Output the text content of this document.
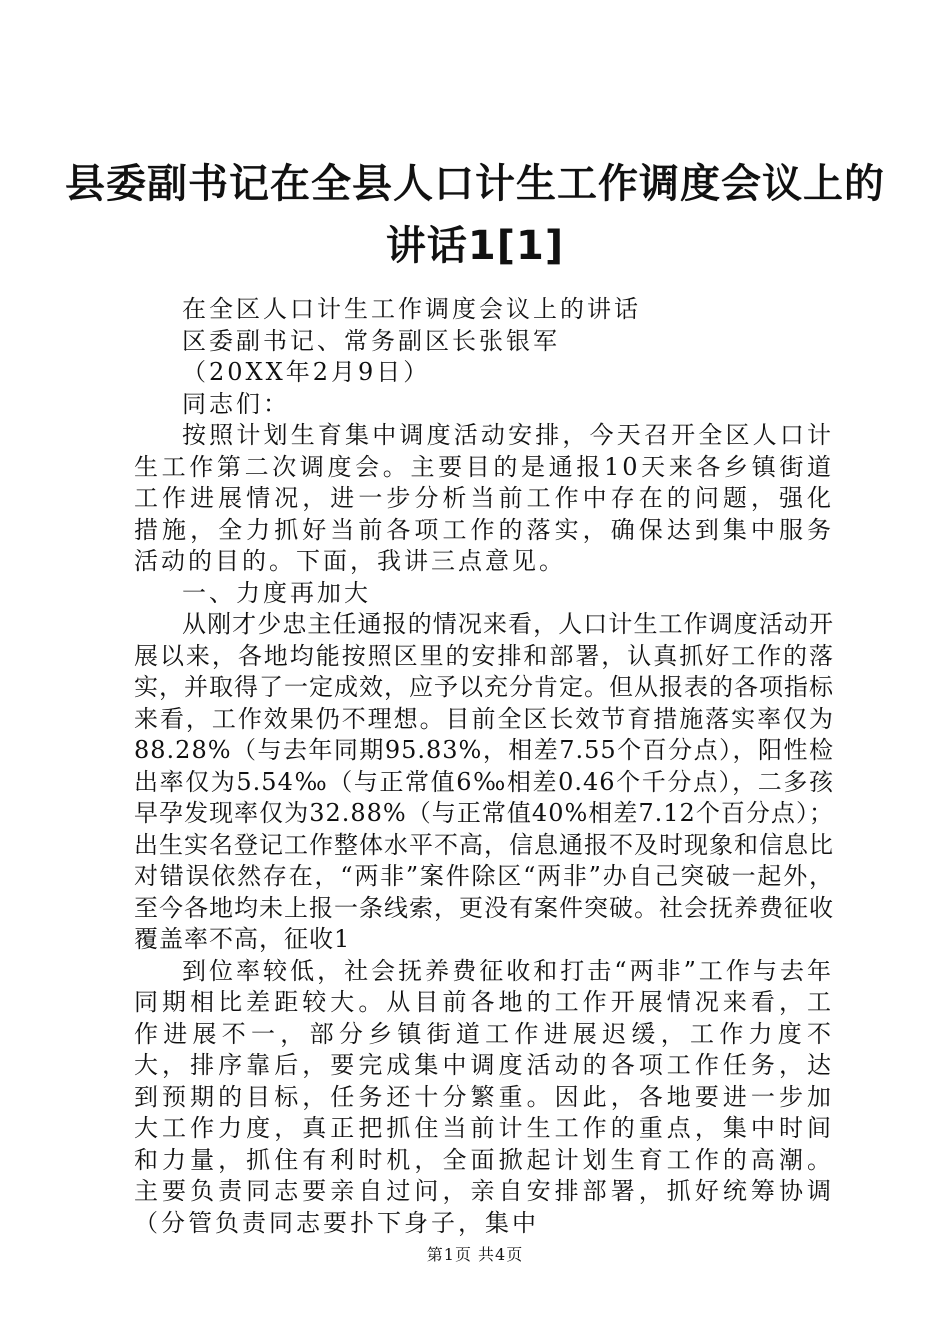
县委副书记在全县人口计生工作调度会议上的
讲话1[1]

在全区人口计生工作调度会议上的讲话

区委副书记、常务副区长张银军

（20XX年2月9日）

同志们：

按照计划生育集中调度活动安排，今天召开全区人口计生工作第二次调度会。主要目的是通报10天来各乡镇街道工作进展情况，进一步分析当前工作中存在的问题，强化措施，全力抓好当前各项工作的落实，确保达到集中服务活动的目的。下面，我讲三点意见。

一、力度再加大

从刚才少忠主任通报的情况来看，人口计生工作调度活动开展以来，各地均能按照区里的安排和部署，认真抓好工作的落实，并取得了一定成效，应予以充分肯定。但从报表的各项指标来看，工作效果仍不理想。目前全区长效节育措施落实率仅为88.28%（与去年同期95.83%，相差7.55个百分点），阳性检出率仅为5.54‰（与正常值6‰相差0.46个千分点），二多孩早孕发现率仅为32.88%（与正常值40%相差7.12个百分点）；出生实名登记工作整体水平不高，信息通报不及时现象和信息比对错误依然存在，“两非”案件除区“两非”办自己突破一起外，至今各地均未上报一条线索，更没有案件突破。社会抚养费征收覆盖率不高，征收1

到位率较低，社会抚养费征收和打击“两非”工作与去年同期相比差距较大。从目前各地的工作开展情况来看，工作进展不一，部分乡镇街道工作进展迟缓，工作力度不大，排序靠后，要完成集中调度活动的各项工作任务，达到预期的目标，任务还十分繁重。因此，各地要进一步加大工作力度，真正把抓住当前计生工作的重点，集中时间和力量，抓住有利时机，全面掀起计划生育工作的高潮。主要负责同志要亲自过问，亲自安排部署，抓好统筹协调（分管负责同志要扑下身子，集中

第1页 共4页
